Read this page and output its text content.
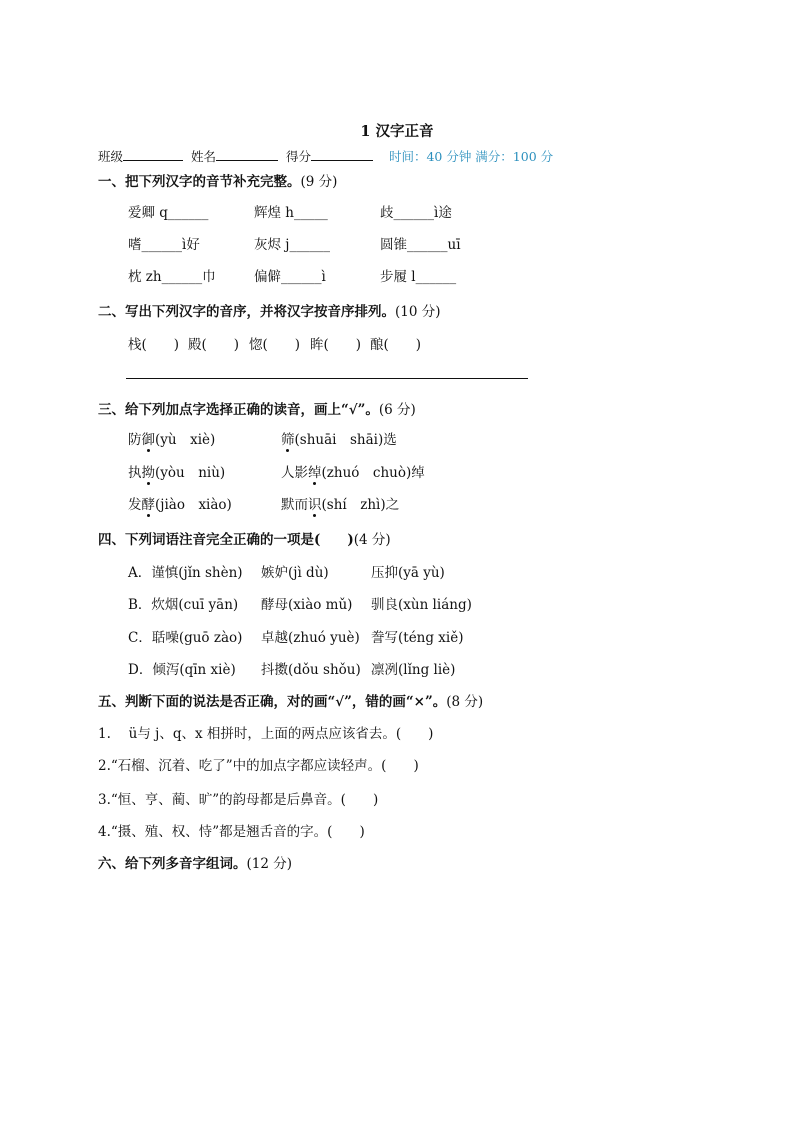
1 汉字正音
班级	姓名	得分	时间：40 分钟 满分：100 分
一、把下列汉字的音节补充完整。(9 分)
爱卿 q______	辉煌 h_____	歧______ì途
嗜______ì好	灰烬 j______	圆锥______uī
枕 zh______巾	偏僻______ì	步履 l______
二、写出下列汉字的音序，并将汉字按音序排列。(10 分)
栈(　　) 殿(　　) 惚(　　) 眸(　　) 酿(　　)
三、给下列加点字选择正确的读音，画上“√”。(6 分)
防御(yù　xiè)	筛(shuāi　shāi)选
执拗(yòu　niù)	人影绰(zhuó　chuò)绰
发酵(jiào　xiào)	默而识(shí　zhì)之
四、下列词语注音完全正确的一项是(　　)(4 分)
A．谨慎(jǐn shèn) 嫉妒(jì dù)	压抑(yā yù)
B．炊烟(cuī yān) 酵母(xiào mǔ) 驯良(xùn liáng)
C．聒噪(guō zào) 卓越(zhuó yuè) 誊写(téng xiě)
D．倾泻(qīn xiè) 抖擞(dǒu shǒu) 凛冽(lǐng liè)
五、判断下面的说法是否正确，对的画“√”，错的画“×”。(8 分)
1.　 ü与 j、q、x 相拼时，上面的两点应该省去。(　　)
2.“石榴、沉着、吃了”中的加点字都应读轻声。(　　)
3.“恒、亨、蔺、旷”的韵母都是后鼻音。(　　)
4.“摄、殖、权、恃”都是翘舌音的字。(　　)
六、给下列多音字组词。(12 分)
